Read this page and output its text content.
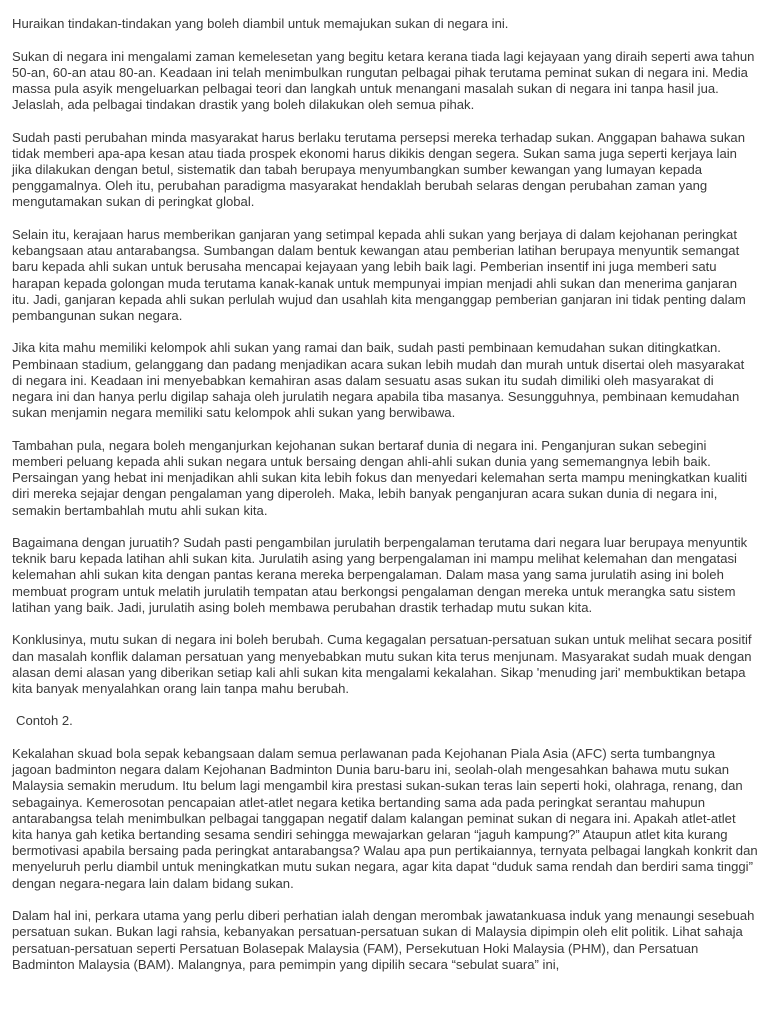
Huraikan tindakan-tindakan yang boleh diambil untuk memajukan sukan di negara ini.

Sukan di negara ini mengalami zaman kemelesetan yang begitu ketara kerana tiada lagi kejayaan yang diraih seperti awa tahun 50-an, 60-an atau 80-an. Keadaan ini telah menimbulkan rungutan pelbagai pihak terutama peminat sukan di negara ini. Media massa pula asyik mengeluarkan pelbagai teori dan langkah untuk menangani masalah sukan di negara ini tanpa hasil jua. Jelaslah, ada pelbagai tindakan drastik yang boleh dilakukan oleh semua pihak.

Sudah pasti perubahan minda masyarakat harus berlaku terutama persepsi mereka terhadap sukan. Anggapan bahawa sukan tidak memberi apa-apa kesan atau tiada prospek ekonomi harus dikikis dengan segera. Sukan sama juga seperti kerjaya lain jika dilakukan dengan betul, sistematik dan tabah berupaya menyumbangkan sumber kewangan yang lumayan kepada penggamalnya. Oleh itu, perubahan paradigma masyarakat hendaklah berubah selaras dengan perubahan zaman yang mengutamakan sukan di peringkat global.

Selain itu, kerajaan harus memberikan ganjaran yang setimpal kepada ahli sukan yang berjaya di dalam kejohanan peringkat kebangsaan atau antarabangsa. Sumbangan dalam bentuk kewangan atau pemberian latihan berupaya menyuntik semangat baru kepada ahli sukan untuk berusaha mencapai kejayaan yang lebih baik lagi. Pemberian insentif ini juga memberi satu harapan kepada golongan muda terutama kanak-kanak untuk mempunyai impian menjadi ahli sukan dan menerima ganjaran itu. Jadi, ganjaran kepada ahli sukan perlulah wujud dan usahlah kita menganggap pemberian ganjaran ini tidak penting dalam pembangunan sukan negara.

Jika kita mahu memiliki kelompok ahli sukan yang ramai dan baik, sudah pasti pembinaan kemudahan sukan ditingkatkan. Pembinaan stadium, gelanggang dan padang menjadikan acara sukan lebih mudah dan murah untuk disertai oleh masyarakat di negara ini. Keadaan ini menyebabkan kemahiran asas dalam sesuatu asas sukan itu sudah dimiliki oleh masyarakat di negara ini dan hanya perlu digilap sahaja oleh jurulatih negara apabila tiba masanya. Sesungguhnya, pembinaan kemudahan sukan menjamin negara memiliki satu kelompok ahli sukan yang berwibawa.

Tambahan pula, negara boleh menganjurkan kejohanan sukan bertaraf dunia di negara ini. Penganjuran sukan sebegini memberi peluang kepada ahli sukan negara untuk bersaing dengan ahli-ahli sukan dunia yang sememangnya lebih baik. Persaingan yang hebat ini menjadikan ahli sukan kita lebih fokus dan menyedari kelemahan serta mampu meningkatkan kualiti diri mereka sejajar dengan pengalaman yang diperoleh. Maka, lebih banyak penganjuran acara sukan dunia di negara ini, semakin bertambahlah mutu ahli sukan kita.

Bagaimana dengan juruatih? Sudah pasti pengambilan jurulatih berpengalaman terutama dari negara luar berupaya menyuntik teknik baru kepada latihan ahli sukan kita. Jurulatih asing yang berpengalaman ini mampu melihat kelemahan dan mengatasi kelemahan ahli sukan kita dengan pantas kerana mereka berpengalaman. Dalam masa yang sama jurulatih asing ini boleh membuat program untuk melatih jurulatih tempatan atau berkongsi pengalaman dengan mereka untuk merangka satu sistem latihan yang baik. Jadi, jurulatih asing boleh membawa perubahan drastik terhadap mutu sukan kita.

Konklusinya, mutu sukan di negara ini boleh berubah. Cuma kegagalan persatuan-persatuan sukan untuk melihat secara positif dan masalah konflik dalaman persatuan yang menyebabkan mutu sukan kita terus menjunam. Masyarakat sudah muak dengan alasan demi alasan yang diberikan setiap kali ahli sukan kita mengalami kekalahan. Sikap 'menuding jari' membuktikan betapa kita banyak menyalahkan orang lain tanpa mahu berubah.

Contoh 2.

Kekalahan skuad bola sepak kebangsaan dalam semua perlawanan pada Kejohanan Piala Asia (AFC) serta tumbangnya jagoan badminton negara dalam Kejohanan Badminton Dunia baru-baru ini, seolah-olah mengesahkan bahawa mutu sukan Malaysia semakin merudum. Itu belum lagi mengambil kira prestasi sukan-sukan teras lain seperti hoki, olahraga, renang, dan sebagainya. Kemerosotan pencapaian atlet-atlet negara ketika bertanding sama ada pada peringkat serantau mahupun antarabangsa telah menimbulkan pelbagai tanggapan negatif dalam kalangan peminat sukan di negara ini. Apakah atlet-atlet kita hanya gah ketika bertanding sesama sendiri sehingga mewajarkan gelaran “jaguh kampung?” Ataupun atlet kita kurang bermotivasi apabila bersaing pada peringkat antarabangsa? Walau apa pun pertikaiannya, ternyata pelbagai langkah konkrit dan menyeluruh perlu diambil untuk meningkatkan mutu sukan negara, agar kita dapat “duduk sama rendah dan berdiri sama tinggi” dengan negara-negara lain dalam bidang sukan.

Dalam hal ini, perkara utama yang perlu diberi perhatian ialah dengan merombak jawatankuasa induk yang menaungi sesebuah persatuan sukan. Bukan lagi rahsia, kebanyakan persatuan-persatuan sukan di Malaysia dipimpin oleh elit politik. Lihat sahaja persatuan-persatuan seperti Persatuan Bolasepak Malaysia (FAM), Persekutuan Hoki Malaysia (PHM), dan Persatuan Badminton Malaysia (BAM). Malangnya, para pemimpin yang dipilih secara “sebulat suara” ini,
